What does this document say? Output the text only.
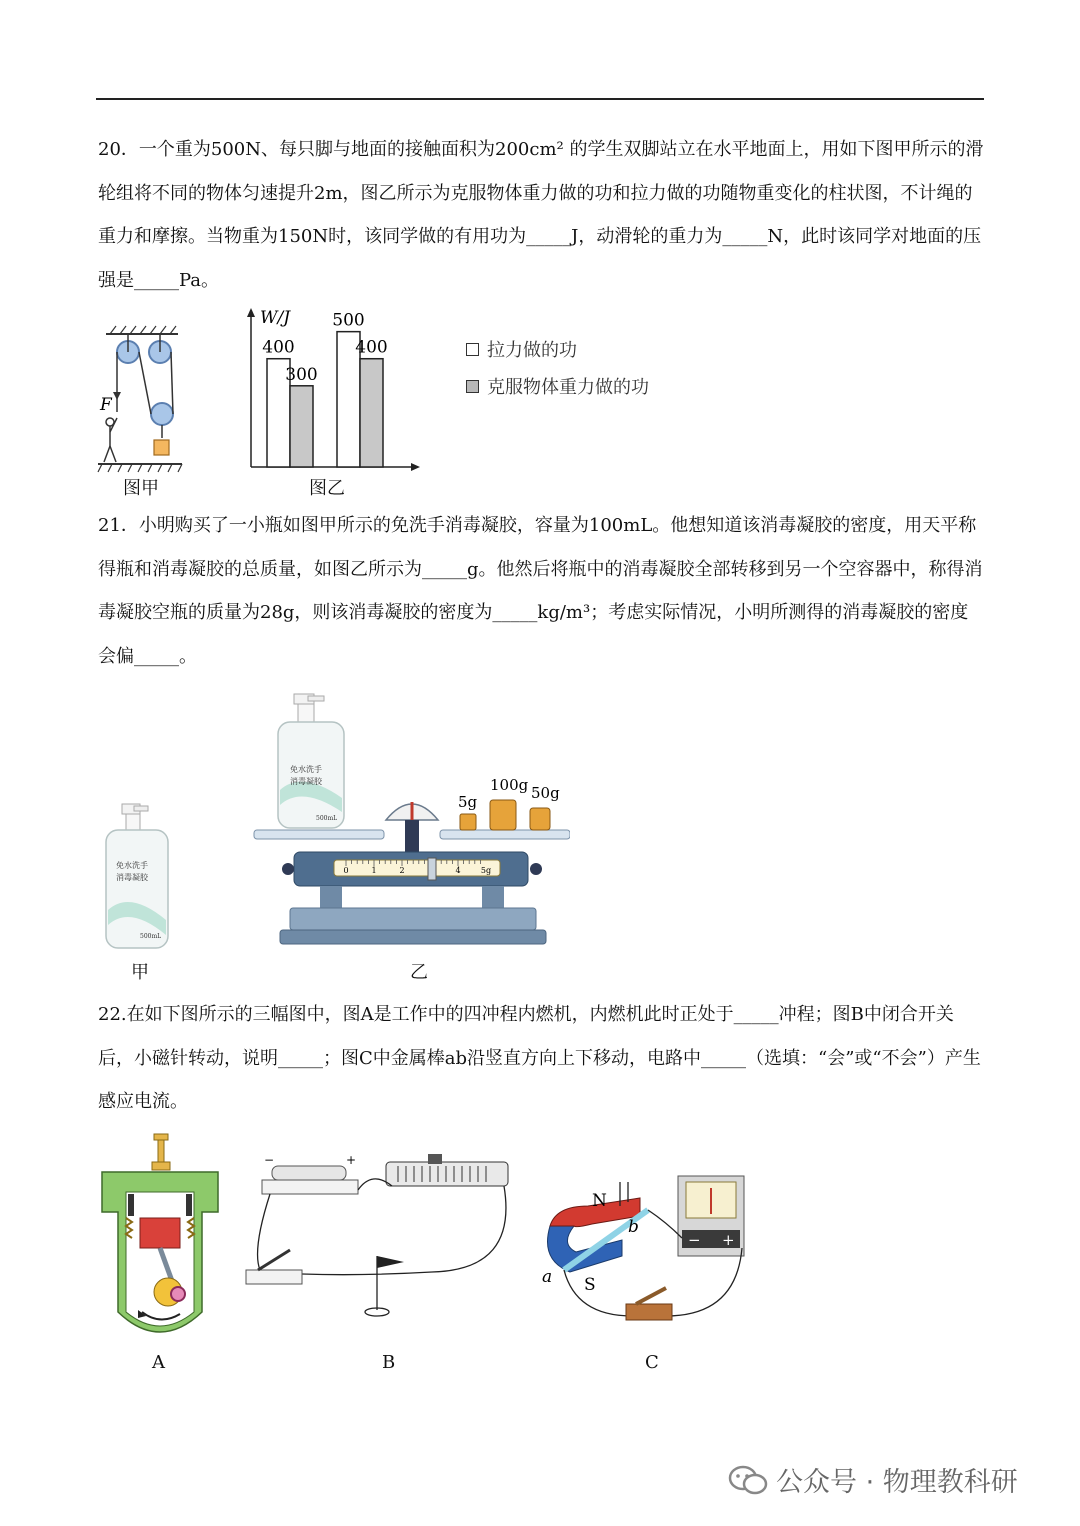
20．一个重为500N、每只脚与地面的接触面积为200cm² 的学生双脚站立在水平地面上，用如下图甲所示的滑轮组将不同的物体匀速提升2m，图乙所示为克服物体重力做的功和拉力做的功随物重变化的柱状图，不计绳的重力和摩擦。当物重为150N时，该同学做的有用功为_____J，动滑轮的重力为_____N，此时该同学对地面的压强是_____Pa。

F
图甲
W/J
400
500
300
400
图乙
拉力做的功
克服物体重力做的功

21．小明购买了一小瓶如图甲所示的免洗手消毒凝胶，容量为100mL。他想知道该消毒凝胶的密度，用天平称得瓶和消毒凝胶的总质量，如图乙所示为_____g。他然后将瓶中的消毒凝胶全部转移到另一个空容器中，称得消毒凝胶空瓶的质量为28g，则该消毒凝胶的密度为_____kg/m³；考虑实际情况，小明所测得的消毒凝胶的密度会偏_____。

免水洗手
消毒凝胶
500mL
甲
免水洗手
消毒凝胶
500mL
5g
100g 50g
0	1	2	4	5g
乙

22.在如下图所示的三幅图中，图A是工作中的四冲程内燃机，内燃机此时正处于_____冲程；图B中闭合开关后，小磁针转动，说明_____；图C中金属棒ab沿竖直方向上下移动，电路中_____（选填：“会”或“不会”）产生感应电流。

A
−	+
B
N
S
a
b
− +
C
公众号 · 物理教科研
